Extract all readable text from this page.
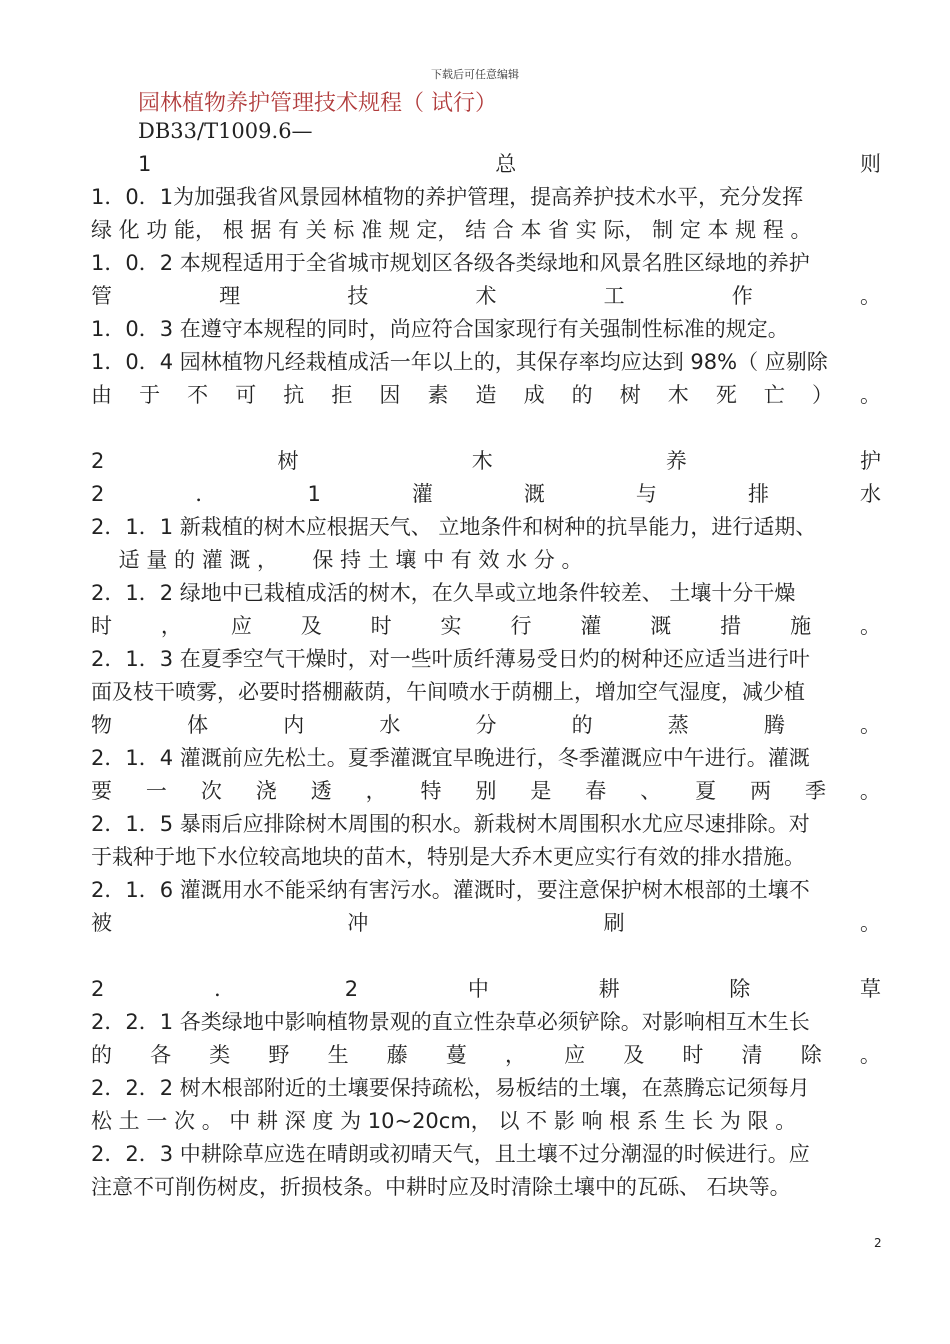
下载后可任意编辑
园林植物养护管理技术规程（ 试行）
DB33/T1009.6—
1	总	则
1．0．1为加强我省风景园林植物的养护管理，提高养护技术水平，充分发挥
绿 化 功 能， 根 据 有 关 标 准 规 定， 结 合 本 省 实 际， 制 定 本 规 程 。
1．0．2 本规程适用于全省城市规划区各级各类绿地和风景名胜区绿地的养护
管	理	技	术	工	作	。
1．0．3 在遵守本规程的同时，尚应符合国家现行有关强制性标准的规定。
1．0．4 园林植物凡经栽植成活一年以上的，其保存率均应达到 98%（ 应剔除
由 于 不 可 抗 拒 因 素 造 成 的 树 木 死 亡 ） 。
2	树	木	养	护
2	．	1	灌	溉	与	排	水
2．1．1 新栽植的树木应根据天气、 立地条件和树种的抗旱能力，进行适期、
　 适 量 的 灌 溉 ， 　 保 持 土 壤 中 有 效 水 分 。
2．1．2 绿地中已栽植成活的树木，在久旱或立地条件较差、 土壤十分干燥
时 ， 应 及 时 实 行 灌 溉 措 施 。
2．1．3 在夏季空气干燥时，对一些叶质纤薄易受日灼的树种还应适当进行叶
面及枝干喷雾，必要时搭棚蔽荫，午间喷水于荫棚上，增加空气湿度，减少植
物	体	内	水	分	的	蒸	腾	。
2．1．4 灌溉前应先松土。夏季灌溉宜早晚进行，冬季灌溉应中午进行。灌溉
要 一 次 浇 透 ， 特 别 是 春 、 夏 两 季 。
2．1．5 暴雨后应排除树木周围的积水。新栽树木周围积水尤应尽速排除。对
于栽种于地下水位较高地块的苗木，特别是大乔木更应实行有效的排水措施。
2．1．6 灌溉用水不能采纳有害污水。灌溉时，要注意保护树木根部的土壤不
被	冲	刷	。
2	．	2	中	耕	除	草
2．2．1 各类绿地中影响植物景观的直立性杂草必须铲除。对影响相互木生长
的 各 类 野 生 藤 蔓 ， 应 及 时 清 除 。
2．2．2 树木根部附近的土壤要保持疏松，易板结的土壤，在蒸腾忘记须每月
松 土 一 次 。 中 耕 深 度 为 10~20cm， 以 不 影 响 根 系 生 长 为 限 。
2．2．3 中耕除草应选在晴朗或初晴天气，且土壤不过分潮湿的时候进行。应
注意不可削伤树皮，折损枝条。中耕时应及时清除土壤中的瓦砾、 石块等。
2
